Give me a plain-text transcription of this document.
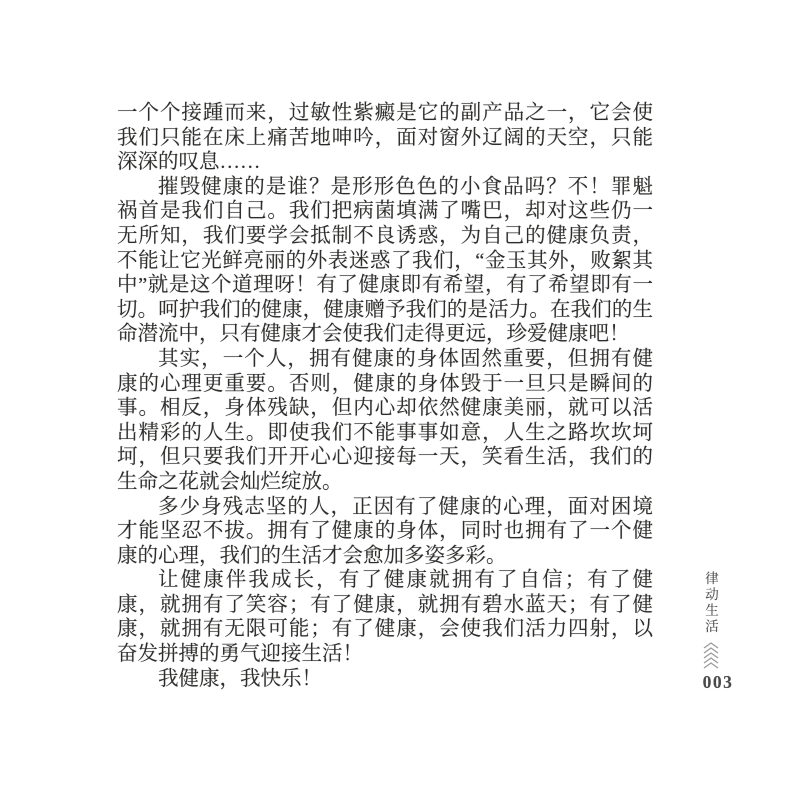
一个个接踵而来，过敏性紫癜是它的副产品之一，它会使
我们只能在床上痛苦地呻吟，面对窗外辽阔的天空，只能
深深的叹息……
摧毁健康的是谁？是形形色色的小食品吗？不！罪魁
祸首是我们自己。我们把病菌填满了嘴巴，却对这些仍一
无所知，我们要学会抵制不良诱惑，为自己的健康负责，
不能让它光鲜亮丽的外表迷惑了我们，“金玉其外，败絮其
中”就是这个道理呀！有了健康即有希望，有了希望即有一
切。呵护我们的健康，健康赠予我们的是活力。在我们的生
命潜流中，只有健康才会使我们走得更远，珍爱健康吧！
其实，一个人，拥有健康的身体固然重要，但拥有健
康的心理更重要。否则，健康的身体毁于一旦只是瞬间的
事。相反，身体残缺，但内心却依然健康美丽，就可以活
出精彩的人生。即使我们不能事事如意，人生之路坎坎坷
坷，但只要我们开开心心迎接每一天，笑看生活，我们的
生命之花就会灿烂绽放。
多少身残志坚的人，正因有了健康的心理，面对困境
才能坚忍不拔。拥有了健康的身体，同时也拥有了一个健
康的心理，我们的生活才会愈加多姿多彩。
让健康伴我成长，有了健康就拥有了自信；有了健
康，就拥有了笑容；有了健康，就拥有碧水蓝天；有了健
康，就拥有无限可能；有了健康，会使我们活力四射，以
奋发拼搏的勇气迎接生活！
我健康，我快乐！
律动生活
003
